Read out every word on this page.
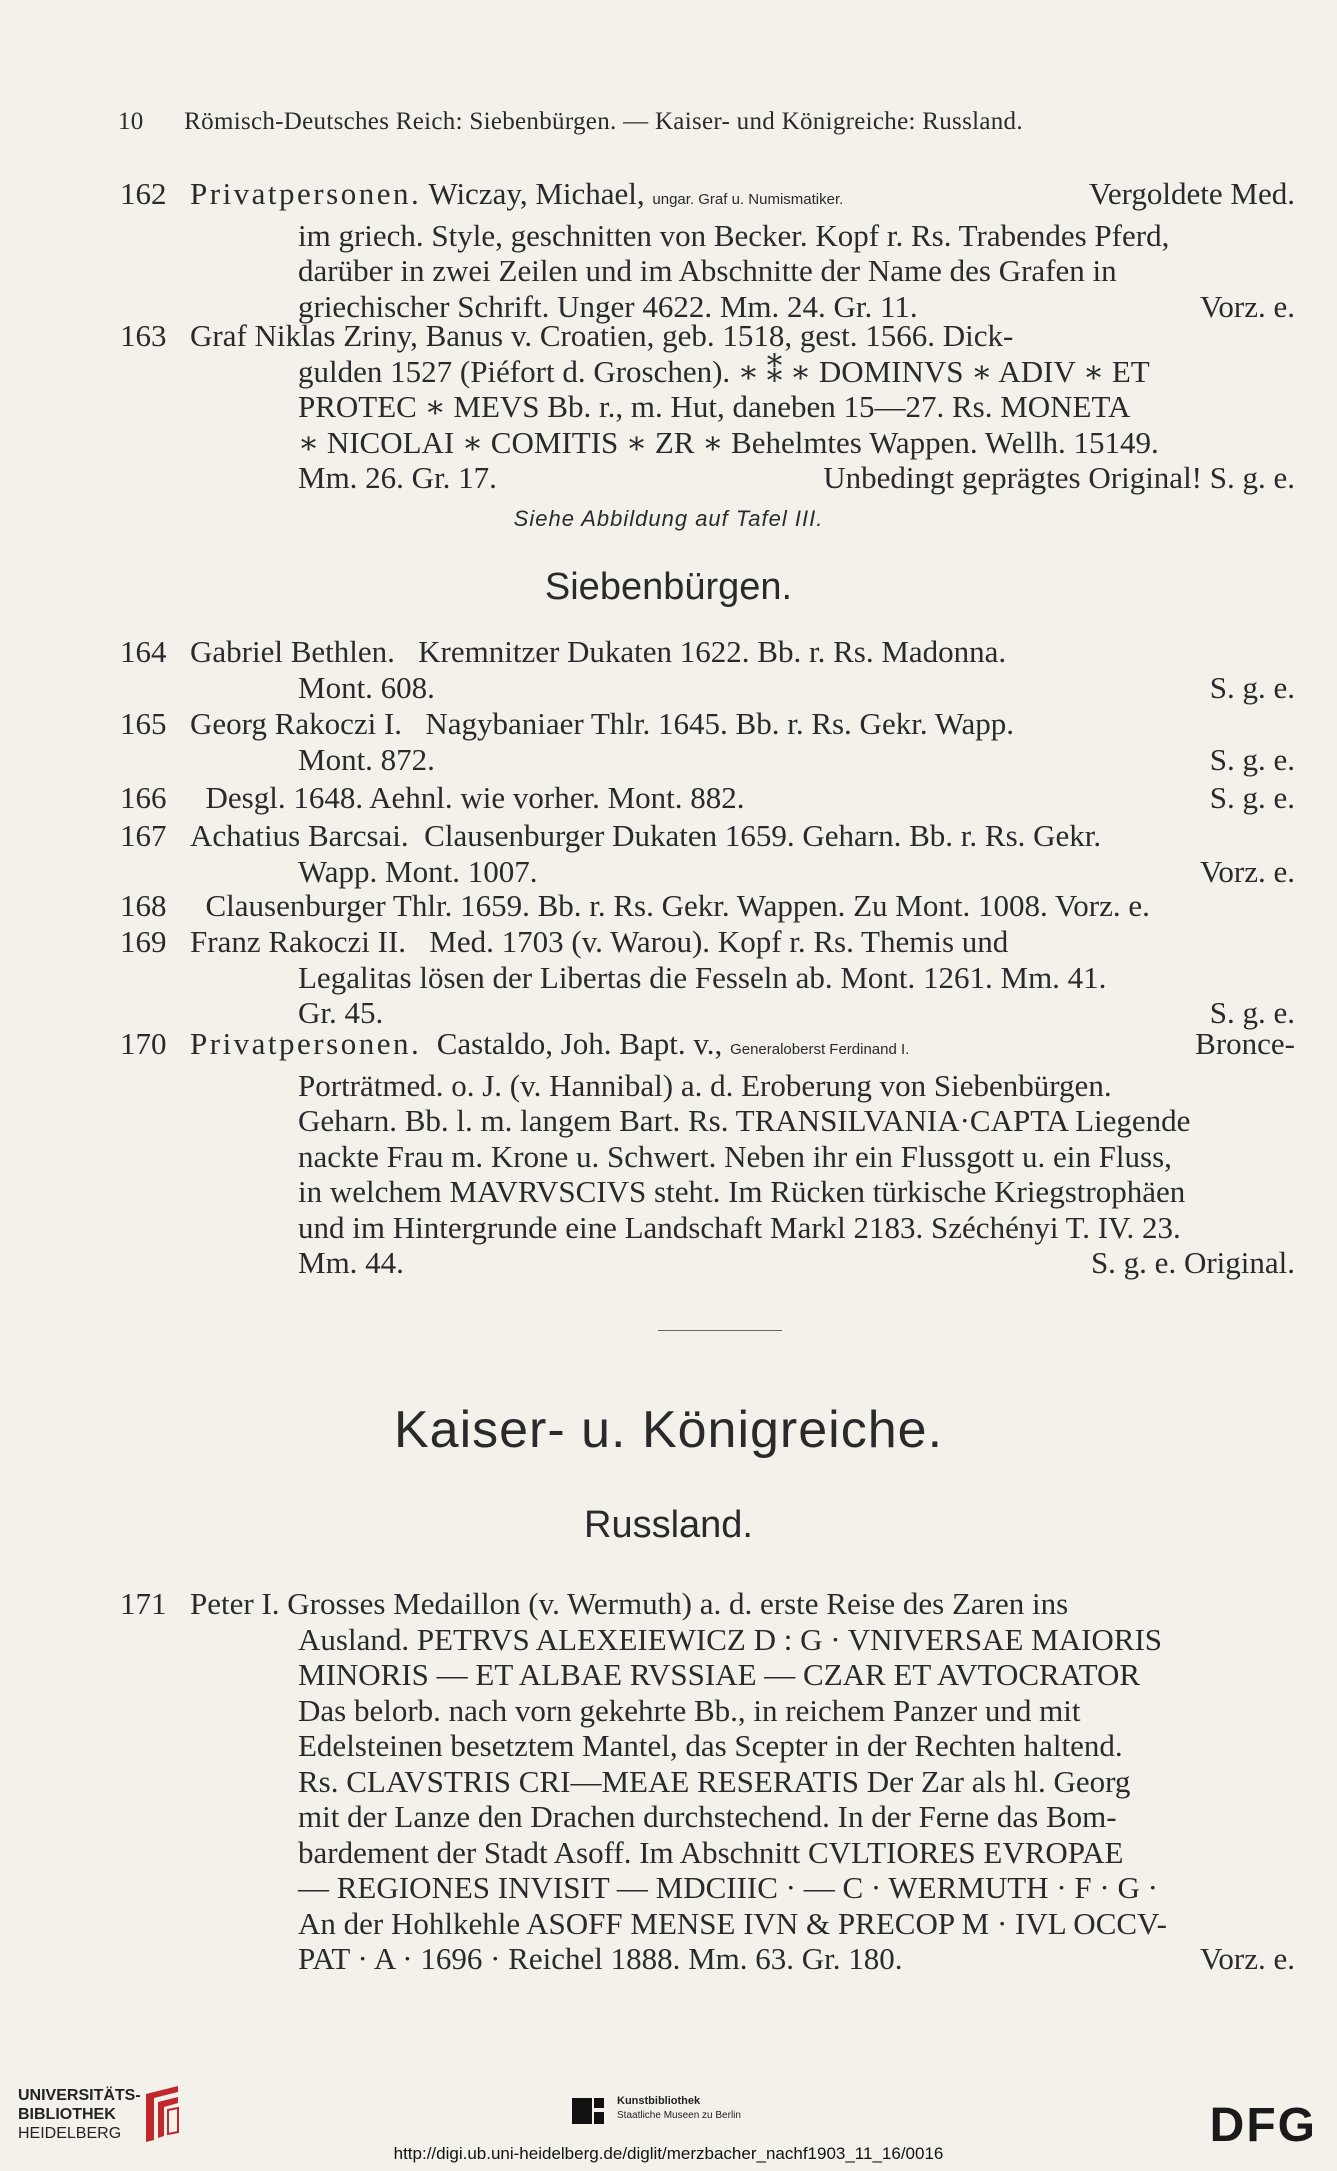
10 Römisch-Deutsches Reich: Siebenbürgen. — Kaiser- und Königreiche: Russland.
162 Privatpersonen. Wiczay, Michael, ungar. Graf u. Numismatiker.	Vergoldete Med.
im griech. Style, geschnitten von Becker. Kopf r. Rs. Trabendes Pferd,
darüber in zwei Zeilen und im Abschnitte der Name des Grafen in
griechischer Schrift. Unger 4622. Mm. 24. Gr. 11.	Vorz. e.
163 Graf Niklas Zriny, Banus v. Croatien, geb. 1518, gest. 1566. Dick-
gulden 1527 (Piéfort d. Groschen). ∗ ⁑ ∗ DOMINVS ∗ ADIV ∗ ET
PROTEC ∗ MEVS Bb. r., m. Hut, daneben 15—27. Rs. MONETA
∗ NICOLAI ∗ COMITIS ∗ ZR ∗ Behelmtes Wappen. Wellh. 15149.
Mm. 26. Gr. 17.	Unbedingt geprägtes Original! S. g. e.
Siehe Abbildung auf Tafel III.
Siebenbürgen.
164 Gabriel Bethlen. Kremnitzer Dukaten 1622. Bb. r. Rs. Madonna.
Mont. 608.	S. g. e.
165 Georg Rakoczi I. Nagybaniaer Thlr. 1645. Bb. r. Rs. Gekr. Wapp.
Mont. 872.	S. g. e.
166 Desgl. 1648. Aehnl. wie vorher. Mont. 882.	S. g. e.
167 Achatius Barcsai. Clausenburger Dukaten 1659. Geharn. Bb. r. Rs. Gekr.
Wapp. Mont. 1007.	Vorz. e.
168 Clausenburger Thlr. 1659. Bb. r. Rs. Gekr. Wappen. Zu Mont. 1008. Vorz. e.
169 Franz Rakoczi II. Med. 1703 (v. Warou). Kopf r. Rs. Themis und
Legalitas lösen der Libertas die Fesseln ab. Mont. 1261. Mm. 41.
Gr. 45.	S. g. e.
170 Privatpersonen. Castaldo, Joh. Bapt. v., Generaloberst Ferdinand I.	Bronce-
Porträtmed. o. J. (v. Hannibal) a. d. Eroberung von Siebenbürgen.
Geharn. Bb. l. m. langem Bart. Rs. TRANSILVANIA·CAPTA Liegende
nackte Frau m. Krone u. Schwert. Neben ihr ein Flussgott u. ein Fluss,
in welchem MAVRVSCIVS steht. Im Rücken türkische Kriegstrophäen
und im Hintergrunde eine Landschaft Markl 2183. Széchényi T. IV. 23.
Mm. 44.	S. g. e. Original.
Kaiser- u. Königreiche.
Russland.
171 Peter I. Grosses Medaillon (v. Wermuth) a. d. erste Reise des Zaren ins
Ausland. PETRVS ALEXEIEWICZ D : G · VNIVERSAE MAIORIS
MINORIS — ET ALBAE RVSSIAE — CZAR ET AVTOCRATOR
Das belorb. nach vorn gekehrte Bb., in reichem Panzer und mit
Edelsteinen besetztem Mantel, das Scepter in der Rechten haltend.
Rs. CLAVSTRIS CRI—MEAE RESERATIS Der Zar als hl. Georg
mit der Lanze den Drachen durchstechend. In der Ferne das Bom-
bardement der Stadt Asoff. Im Abschnitt CVLTIORES EVROPAE
— REGIONES INVISIT — MDCIIIC · — C · WERMUTH · F · G ·
An der Hohlkehle ASOFF MENSE IVN & PRECOP M · IVL OCCV-
PAT · A · 1696 · Reichel 1888. Mm. 63. Gr. 180.	Vorz. e.
UNIVERSITÄTS-
BIBLIOTHEK
HEIDELBERG
Kunstbibliothek
Staatliche Museen zu Berlin	DFG
http://digi.ub.uni-heidelberg.de/diglit/merzbacher_nachf1903_11_16/0016
